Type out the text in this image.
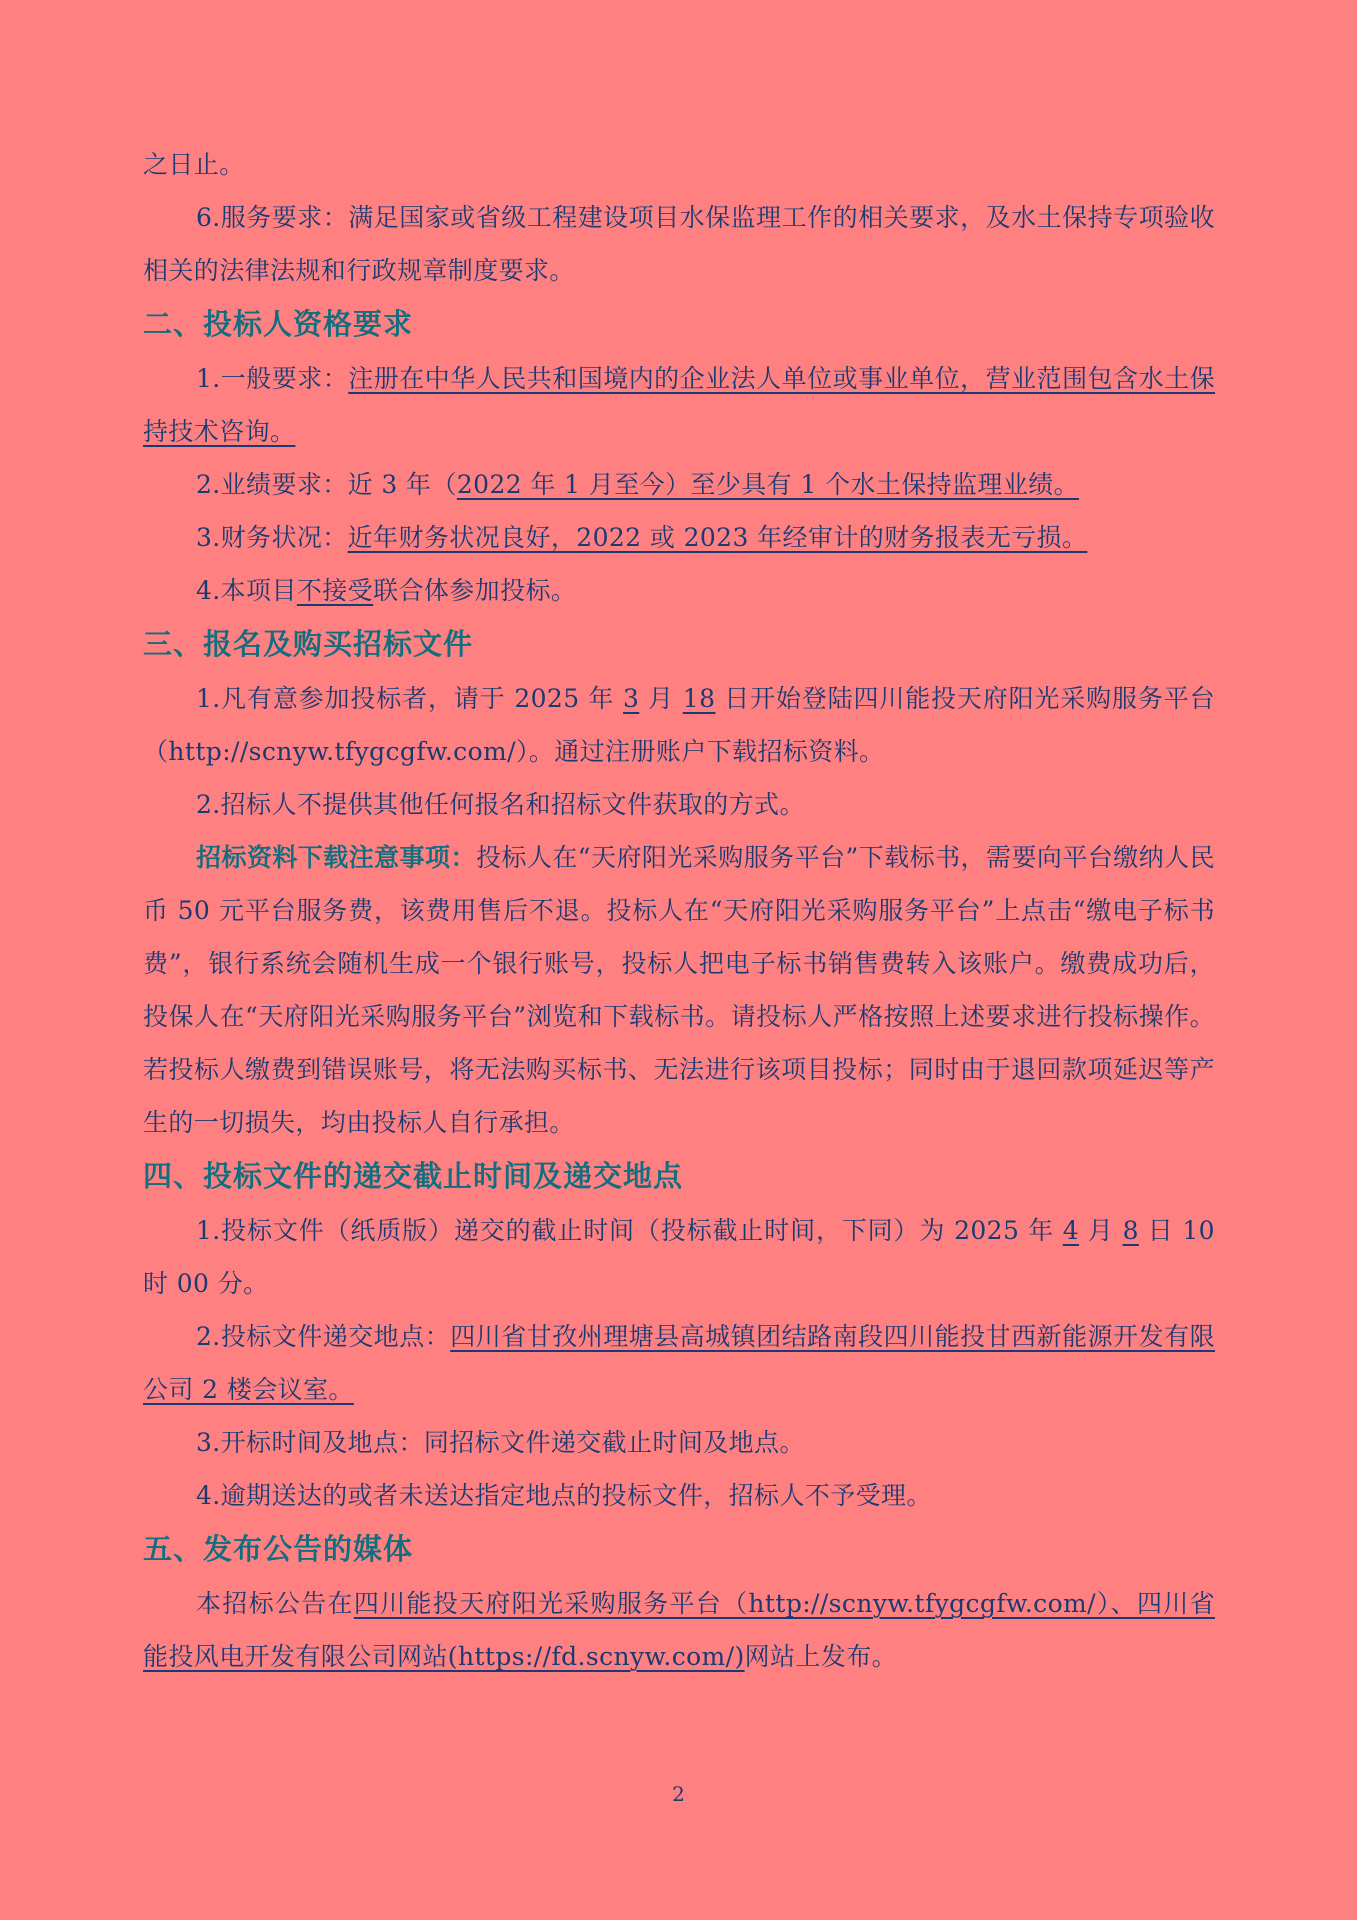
之日止。

6.服务要求：满足国家或省级工程建设项目水保监理工作的相关要求，及水土保持专项验收相关的法律法规和行政规章制度要求。

二、投标人资格要求

1.一般要求：注册在中华人民共和国境内的企业法人单位或事业单位，营业范围包含水土保持技术咨询。

2.业绩要求：近 3 年（2022 年 1 月至今）至少具有 1 个水土保持监理业绩。

3.财务状况：近年财务状况良好，2022 或 2023 年经审计的财务报表无亏损。

4.本项目不接受联合体参加投标。

三、报名及购买招标文件

1.凡有意参加投标者，请于 2025 年 3 月 18 日开始登陆四川能投天府阳光采购服务平台（http://scnyw.tfygcgfw.com/）。通过注册账户下载招标资料。

2.招标人不提供其他任何报名和招标文件获取的方式。

招标资料下载注意事项：投标人在“天府阳光采购服务平台”下载标书，需要向平台缴纳人民币 50 元平台服务费，该费用售后不退。投标人在“天府阳光采购服务平台”上点击“缴电子标书费”，银行系统会随机生成一个银行账号，投标人把电子标书销售费转入该账户。缴费成功后，投保人在“天府阳光采购服务平台”浏览和下载标书。请投标人严格按照上述要求进行投标操作。若投标人缴费到错误账号，将无法购买标书、无法进行该项目投标；同时由于退回款项延迟等产生的一切损失，均由投标人自行承担。

四、投标文件的递交截止时间及递交地点

1.投标文件（纸质版）递交的截止时间（投标截止时间，下同）为 2025 年 4 月 8 日 10 时 00 分。

2.投标文件递交地点：四川省甘孜州理塘县高城镇团结路南段四川能投甘西新能源开发有限公司 2 楼会议室。

3.开标时间及地点：同招标文件递交截止时间及地点。

4.逾期送达的或者未送达指定地点的投标文件，招标人不予受理。

五、发布公告的媒体

本招标公告在四川能投天府阳光采购服务平台（http://scnyw.tfygcgfw.com/）、四川省能投风电开发有限公司网站(https://fd.scnyw.com/)网站上发布。

2
